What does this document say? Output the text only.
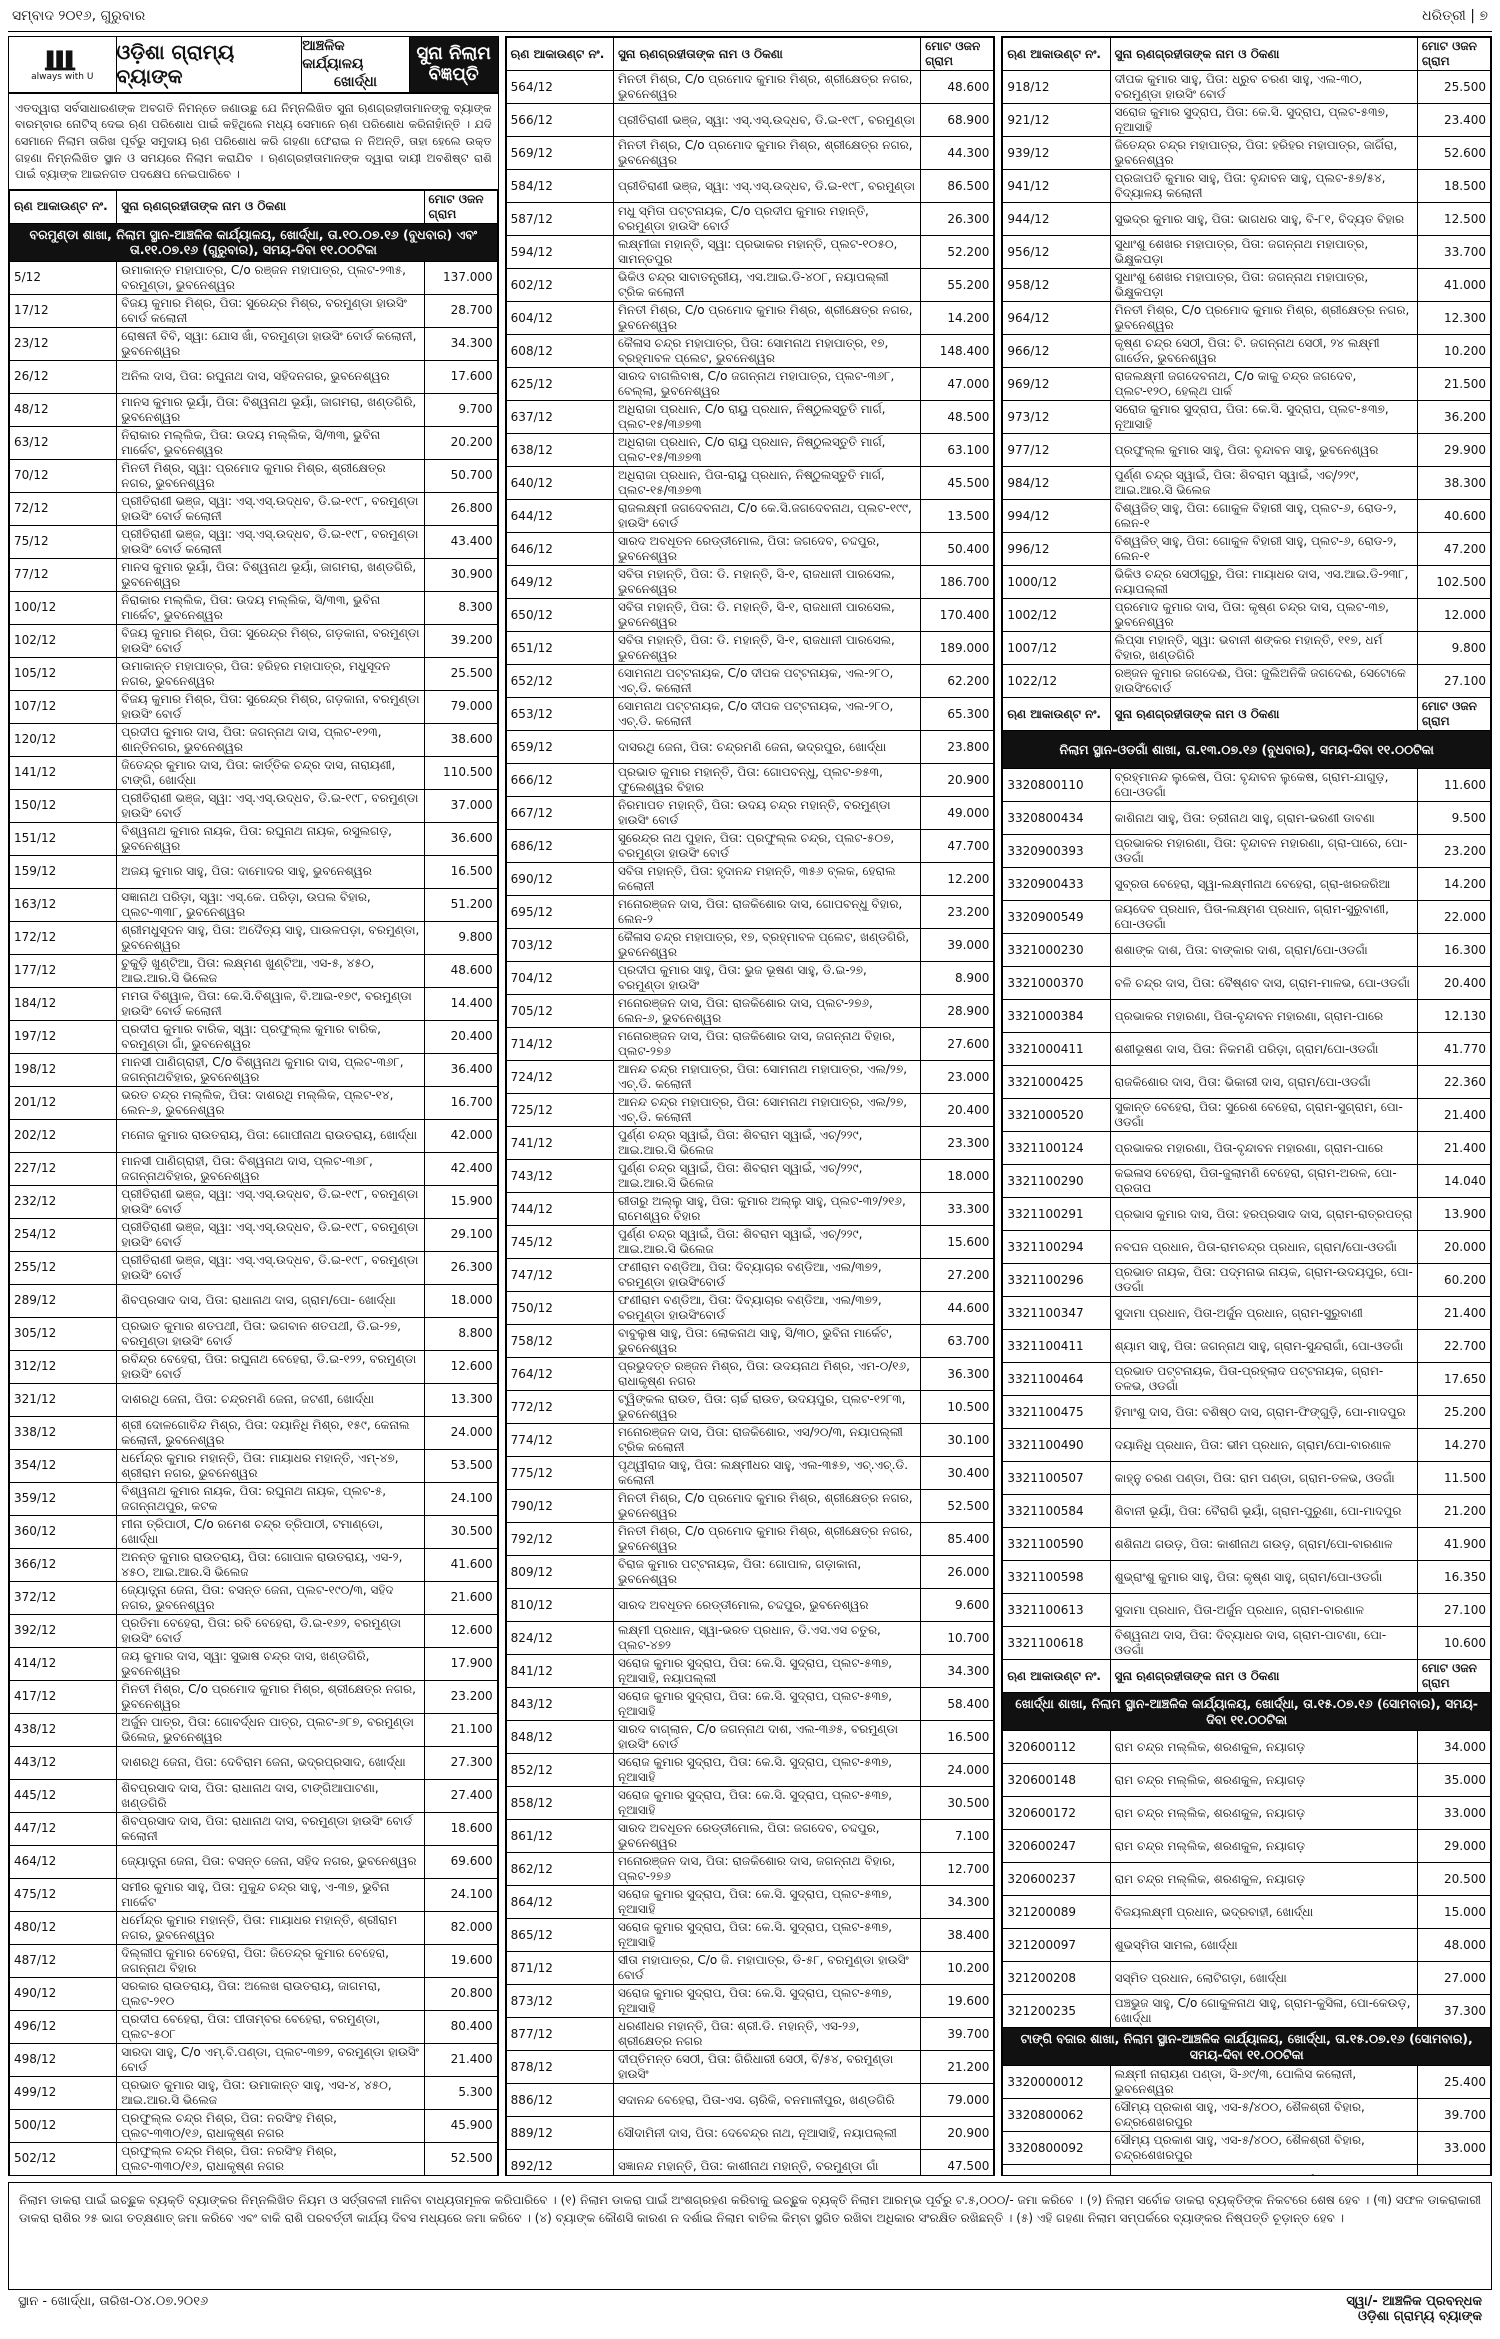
ସମ୍ବାଦ ୨୦୧୬, ଗୁରୁବାର	ଧରିତ୍ରୀ | ୭
always with U
ଓଡ଼ିଶା ଗ୍ରାମ୍ୟ ବ୍ୟାଙ୍କ
ଆଞ୍ଚଳିକ କାର୍ଯ୍ୟାଳୟ
ଖୋର୍ଦ୍ଧା
ସୁନା ନିଲାମ ବିଜ୍ଞପ୍ତି
ଏତଦ୍ୱାରା ସର୍ବସାଧାରଣଙ୍କ ଅବଗତି ନିମନ୍ତେ ଜଣାଉଛୁ ଯେ ନିମ୍ନଲିଖିତ ସୁନା ଋଣଗ୍ରହୀତାମାନଙ୍କୁ ବ୍ୟାଙ୍କ ବାରମ୍ବାର ନୋଟିସ୍ ଦେଇ ଋଣ ପରିଶୋଧ ପାଇଁ କହିଥିଲେ ମଧ୍ୟ ସେମାନେ ଋଣ ପରିଶୋଧ କରିନାହାଁନ୍ତି । ଯଦି ସେମାନେ ନିଲାମ ତାରିଖ ପୂର୍ବରୁ ସମୁଦାୟ ଋଣ ପରିଶୋଧ କରି ଗହଣା ଫେରାଇ ନ ନିଅନ୍ତି, ତାହା ହେଲେ ଉକ୍ତ ଗହଣା ନିମ୍ନଲିଖିତ ସ୍ଥାନ ଓ ସମୟରେ ନିଲାମ କରାଯିବ । ଋଣଗ୍ରହୀତାମାନଙ୍କ ଦ୍ୱାରା ଦାୟୀ ଅବଶିଷ୍ଟ ରାଶି ପାଇଁ ବ୍ୟାଙ୍କ ଆଇନଗତ ପଦକ୍ଷେପ ନେଇପାରିବେ ।
ଋଣ ଆକାଉଣ୍ଟ ନଂ.	ସୁନା ଋଣଗ୍ରହୀତାଙ୍କ ନାମ ଓ ଠିକଣା	ମୋଟ ଓଜନ ଗ୍ରାମ
ବରମୁଣ୍ଡା ଶାଖା, ନିଲାମ ସ୍ଥାନ-ଆଞ୍ଚଳିକ କାର୍ଯ୍ୟାଳୟ, ଖୋର୍ଦ୍ଧା, ତା.୧୦.୦୭.୧୬ (ବୁଧବାର) ଏବଂ ତା.୧୧.୦୭.୧୬ (ଗୁରୁବାର), ସମୟ-ଦିବା ୧୧.୦୦ଟିକା		
5/12	ଉମାକାନ୍ତ ମହାପାତ୍ର, C/o ରଞ୍ଜନ ମହାପାତ୍ର, ପ୍ଲଟ-୨୩୫, ବରମୁଣ୍ଡା, ଭୁବନେଶ୍ୱର	137.000
17/12	ବିଜୟ କୁମାର ମିଶ୍ର, ପିତା: ସୁରେନ୍ଦ୍ର ମିଶ୍ର, ବରମୁଣ୍ଡା ହାଉସିଂ ବୋର୍ଡ କଲୋନୀ	28.700
23/12	ରୋଷନୀ ବିବି, ସ୍ୱା: ଯୋସ ଖାଁ, ବରମୁଣ୍ଡା ହାଉସିଂ ବୋର୍ଡ କଲୋନୀ, ଭୁବନେଶ୍ୱର	34.300
26/12	ଅନିଲ ଦାସ, ପିତା: ରଘୁନାଥ ଦାସ, ସହିଦନଗର, ଭୁବନେଶ୍ୱର	17.600
48/12	ମାନସ କୁମାର ଭୂୟାଁ, ପିତା: ବିଶ୍ୱନାଥ ଭୂୟାଁ, ଜାଗମରା, ଖଣ୍ଡଗିରି, ଭୁବନେଶ୍ୱର	9.700
63/12	ନିରାକାର ମଲ୍ଲିକ, ପିତା: ଉଦୟ ମଲ୍ଲିକ, ସି/୩୩, ଭୁବିନା ମାର୍କେଟ, ଭୁବନେଶ୍ୱର	20.200
70/12	ମିନତୀ ମିଶ୍ର, ସ୍ୱା: ପ୍ରମୋଦ କୁମାର ମିଶ୍ର, ଶ୍ରୀକ୍ଷେତ୍ର ନଗର, ଭୁବନେଶ୍ୱର	50.700
72/12	ପ୍ରୀତିରାଣୀ ଭଞ୍ଜ, ସ୍ୱା: ଏସ୍.ଏସ୍.ଉଦ୍ଧବ, ଡି.ଇ-୧୯୮, ବରମୁଣ୍ଡା ହାଉସିଂ ବୋର୍ଡ କଲୋନୀ	26.800
75/12	ପ୍ରୀତିରାଣୀ ଭଞ୍ଜ, ସ୍ୱା: ଏସ୍.ଏସ୍.ଉଦ୍ଧବ, ଡି.ଇ-୧୯୮, ବରମୁଣ୍ଡା ହାଉସିଂ ବୋର୍ଡ କଲୋନୀ	43.400
77/12	ମାନସ କୁମାର ଭୂୟାଁ, ପିତା: ବିଶ୍ୱନାଥ ଭୂୟାଁ, ଜାଗମରା, ଖଣ୍ଡଗିରି, ଭୁବନେଶ୍ୱର	30.900
100/12	ନିରାକାର ମଲ୍ଲିକ, ପିତା: ଉଦୟ ମଲ୍ଲିକ, ସି/୩୩, ଭୁବିନା ମାର୍କେଟ, ଭୁବନେଶ୍ୱର	8.300
102/12	ବିଜୟ କୁମାର ମିଶ୍ର, ପିତା: ସୁରେନ୍ଦ୍ର ମିଶ୍ର, ଗଡ଼କାନା, ବରମୁଣ୍ଡା ହାଉସିଂ ବୋର୍ଡ	39.200
105/12	ଉମାକାନ୍ତ ମହାପାତ୍ର, ପିତା: ହରିହର ମହାପାତ୍ର, ମଧୁସୂଦନ ନଗର, ଭୁବନେଶ୍ୱର	25.500
107/12	ବିଜୟ କୁମାର ମିଶ୍ର, ପିତା: ସୁରେନ୍ଦ୍ର ମିଶ୍ର, ଗଡ଼କାନା, ବରମୁଣ୍ଡା ହାଉସିଂ ବୋର୍ଡ	79.000
120/12	ପ୍ରଦୀପ କୁମାର ଦାସ, ପିତା: ଜଗନ୍ନାଥ ଦାସ, ପ୍ଲଟ-୧୨୩, ଶାନ୍ତିନଗର, ଭୁବନେଶ୍ୱର	38.600
141/12	ଜିତେନ୍ଦ୍ର କୁମାର ଦାସ, ପିତା: କାର୍ତ୍ତିକ ଚନ୍ଦ୍ର ଦାସ, ନାରାୟଣୀ, ଟାଙ୍ଗି, ଖୋର୍ଦ୍ଧା	110.500
150/12	ପ୍ରୀତିରାଣୀ ଭଞ୍ଜ, ସ୍ୱା: ଏସ୍.ଏସ୍.ଉଦ୍ଧବ, ଡି.ଇ-୧୯୮, ବରମୁଣ୍ଡା ହାଉସିଂ ବୋର୍ଡ	37.000
151/12	ବିଶ୍ୱନାଥ କୁମାର ନାୟକ, ପିତା: ରଘୁନାଥ ନାୟକ, ରସୁଲଗଡ଼, ଭୁବନେଶ୍ୱର	36.600
159/12	ଅଜୟ କୁମାର ସାହୁ, ପିତା: ଦାମୋଦର ସାହୁ, ଭୁବନେଶ୍ୱର	16.500
163/12	ସଜ୍ଞାନାଥ ପରିଡ଼ା, ସ୍ୱା: ଏସ୍.କେ. ପରିଡ଼ା, ଉପଲ ବିହାର, ପ୍ଲଟ-୩୩୮, ଭୁବନେଶ୍ୱର	51.200
172/12	ଶ୍ରୀମଧୁସୂଦନ ସାହୁ, ପିତା: ଅଦୈତ୍ୟ ସାହୁ, ପାଉଳପଡ଼ା, ବରମୁଣ୍ଡା, ଭୁବନେଶ୍ୱର	9.800
177/12	ଚୁକୁଡ଼ି ଖୁଣ୍ଟିଆ, ପିତା: ଲକ୍ଷ୍ମଣ ଖୁଣ୍ଟିଆ, ଏସ-୫, ୪୫୦, ଆଇ.ଆର.ସି ଭିଲେଜ	48.600
184/12	ମମତା ବିଶ୍ୱାଳ, ପିତା: କେ.ସି.ବିଶ୍ୱାଳ, ବି.ଆଇ-୧୭୯, ବରମୁଣ୍ଡା ହାଉସିଂ ବୋର୍ଡ କଲୋନୀ	14.400
197/12	ପ୍ରଦୀପ କୁମାର ବାରିକ, ସ୍ୱା: ପ୍ରଫୁଲ୍ଲ କୁମାର ବାରିକ, ବରମୁଣ୍ଡା ଗାଁ, ଭୁବନେଶ୍ୱର	20.400
198/12	ମାନସୀ ପାଣିଗ୍ରାହୀ, C/o ବିଶ୍ୱନାଥ କୁମାର ଦାସ, ପ୍ଲଟ-୩୬୮, ଜଗନ୍ନାଥବିହାର, ଭୁବନେଶ୍ୱର	36.400
201/12	ଭରତ ଚନ୍ଦ୍ର ମଲ୍ଲିକ, ପିତା: ଦାଶରଥି ମଲ୍ଲିକ, ପ୍ଲଟ-୧୪, ଲେନ-୬, ଭୁବନେଶ୍ୱର	16.700
202/12	ମନୋଜ କୁମାର ରାଉତରାୟ, ପିତା: ଗୋପୀନାଥ ରାଉତରାୟ, ଖୋର୍ଦ୍ଧା	42.000
227/12	ମାନସୀ ପାଣିଗ୍ରାହୀ, ପିତା: ବିଶ୍ୱନାଥ ଦାସ, ପ୍ଲଟ-୩୬୮, ଜଗନ୍ନାଥବିହାର, ଭୁବନେଶ୍ୱର	42.400
232/12	ପ୍ରୀତିରାଣୀ ଭଞ୍ଜ, ସ୍ୱା: ଏସ୍.ଏସ୍.ଉଦ୍ଧବ, ଡି.ଇ-୧୯୮, ବରମୁଣ୍ଡା ହାଉସିଂ ବୋର୍ଡ	15.900
254/12	ପ୍ରୀତିରାଣୀ ଭଞ୍ଜ, ସ୍ୱା: ଏସ୍.ଏସ୍.ଉଦ୍ଧବ, ଡି.ଇ-୧୯୮, ବରମୁଣ୍ଡା ହାଉସିଂ ବୋର୍ଡ	29.100
255/12	ପ୍ରୀତିରାଣୀ ଭଞ୍ଜ, ସ୍ୱା: ଏସ୍.ଏସ୍.ଉଦ୍ଧବ, ଡି.ଇ-୧୯୮, ବରମୁଣ୍ଡା ହାଉସିଂ ବୋର୍ଡ	26.300
289/12	ଶିବପ୍ରସାଦ ଦାସ, ପିତା: ରାଧାନାଥ ଦାସ, ଗ୍ରାମ/ପୋ- ଖୋର୍ଦ୍ଧା	18.000
305/12	ପ୍ରଭାତ କୁମାର ଶତପଥୀ, ପିତା: ଭଗବାନ ଶତପଥୀ, ଡି.ଇ-୨୭, ବରମୁଣ୍ଡା ହାଉସିଂ ବୋର୍ଡ	8.800
312/12	ରବିନ୍ଦ୍ର ବେହେରା, ପିତା: ରଘୁନାଥ ବେହେରା, ଡି.ଇ-୧୨୨, ବରମୁଣ୍ଡା ହାଉସିଂ ବୋର୍ଡ	12.600
321/12	ଦାଶରଥି ଜେନା, ପିତା: ଚନ୍ଦ୍ରମଣି ଜେନା, ଜଟଣୀ, ଖୋର୍ଦ୍ଧା	13.300
338/12	ଶ୍ରୀ ଦୋଳଗୋବିନ୍ଦ ମିଶ୍ର, ପିତା: ଦୟାନିଧି ମିଶ୍ର, ୧୫୯, କେନାଲ କଲୋନୀ, ଭୁବନେଶ୍ୱର	24.000
354/12	ଧର୍ମେନ୍ଦ୍ର କୁମାର ମହାନ୍ତି, ପିତା: ମାୟାଧର ମହାନ୍ତି, ଏମ୍-୪୭, ଶ୍ରୀରାମ ନଗର, ଭୁବନେଶ୍ୱର	53.500
359/12	ବିଶ୍ୱନାଥ କୁମାର ନାୟକ, ପିତା: ରଘୁନାଥ ନାୟକ, ପ୍ଲଟ-୫, ଜଗନ୍ନାଥପୁର, କଟକ	24.100
360/12	ମୀନା ତ୍ରିପାଠୀ, C/o ରମେଶ ଚନ୍ଦ୍ର ତ୍ରିପାଠୀ, ଟମାଣ୍ଡୋ, ଖୋର୍ଦ୍ଧା	30.500
366/12	ଅନନ୍ତ କୁମାର ରାଉତରାୟ, ପିତା: ଗୋପାଳ ରାଉତରାୟ, ଏସ-୨, ୪୫୦, ଆଇ.ଆର.ସି ଭିଲେଜ	41.600
372/12	ଜ୍ୟୋତ୍ସ୍ନା ଜେନା, ପିତା: ବସନ୍ତ ଜେନା, ପ୍ଲଟ-୧୯୦/୩, ସହିଦ ନଗର, ଭୁବନେଶ୍ୱର	21.600
392/12	ପ୍ରତିମା ବେହେରା, ପିତା: ରବି ବେହେରା, ଡି.ଇ-୧୬୨, ବରମୁଣ୍ଡା ହାଉସିଂ ବୋର୍ଡ	12.600
414/12	ଜୟ କୁମାର ଦାସ, ସ୍ୱା: ସୁଭାଷ ଚନ୍ଦ୍ର ଦାସ, ଖଣ୍ଡଗିରି, ଭୁବନେଶ୍ୱର	17.900
417/12	ମିନତୀ ମିଶ୍ର, C/o ପ୍ରମୋଦ କୁମାର ମିଶ୍ର, ଶ୍ରୀକ୍ଷେତ୍ର ନଗର, ଭୁବନେଶ୍ୱର	23.200
438/12	ଅର୍ଜୁନ ପାତ୍ର, ପିତା: ଗୋବର୍ଦ୍ଧନ ପାତ୍ର, ପ୍ଲଟ-୬୮୭, ବରମୁଣ୍ଡା ଭିଲେଜ, ଭୁବନେଶ୍ୱର	21.100
443/12	ଦାଶରଥି ଜେନା, ପିତା: ଦେବିରାମ ଜେନା, ଭଦ୍ରପ୍ରସାଦ, ଖୋର୍ଦ୍ଧା	27.300
445/12	ଶିବପ୍ରସାଦ ଦାସ, ପିତା: ରାଧାନାଥ ଦାସ, ଟାଙ୍ଗିଆପାଟଣା, ଖଣ୍ଡଗିରି	27.400
447/12	ଶିବପ୍ରସାଦ ଦାସ, ପିତା: ରାଧାନାଥ ଦାସ, ବରମୁଣ୍ଡା ହାଉସିଂ ବୋର୍ଡ କଲୋନୀ	18.600
464/12	ଜ୍ୟୋତ୍ସ୍ନା ଜେନା, ପିତା: ବସନ୍ତ ଜେନା, ସହିଦ ନଗର, ଭୁବନେଶ୍ୱର	69.600
475/12	ସମୀର କୁମାର ସାହୁ, ପିତା: ମୁକୁନ୍ଦ ଚନ୍ଦ୍ର ସାହୁ, ଏ-୩୭, ଭୁବିନା ମାର୍କେଟ	24.100
480/12	ଧର୍ମେନ୍ଦ୍ର କୁମାର ମହାନ୍ତି, ପିତା: ମାୟାଧର ମହାନ୍ତି, ଶ୍ରୀରାମ ନଗର, ଭୁବନେଶ୍ୱର	82.000
487/12	ଦିଲ୍ଲୀପ କୁମାର ବେହେରା, ପିତା: ଜିତେନ୍ଦ୍ର କୁମାର ବେହେରା, ଜଗନ୍ନାଥ ବିହାର	19.600
490/12	ସରକାର ରାଉତରାୟ, ପିତା: ଅଲେଖ ରାଉତରାୟ, ଜାଗମରା, ପ୍ଲଟ-୨୧୦	20.800
496/12	ପ୍ରଦୀପ ବେହେରା, ପିତା: ପୀତାମ୍ବର ବେହେରା, ବରମୁଣ୍ଡା, ପ୍ଲଟ-୫୦୮	80.400
498/12	ସାରଦା ସାହୁ, C/o ଏମ୍.ବି.ପଣ୍ଡା, ପ୍ଲଟ-୩୭୨, ବରମୁଣ୍ଡା ହାଉସିଂ ବୋର୍ଡ	21.400
499/12	ପ୍ରଭାତ କୁମାର ସାହୁ, ପିତା: ଉମାକାନ୍ତ ସାହୁ, ଏସ-୪, ୪୫୦, ଆଇ.ଆର.ସି ଭିଲେଜ	5.300
500/12	ପ୍ରଫୁଲ୍ଲ ଚନ୍ଦ୍ର ମିଶ୍ର, ପିତା: ନରସିଂହ ମିଶ୍ର, ପ୍ଲଟ-୩୩୦/୧୬, ରାଧାକୃଷ୍ଣ ନଗର	45.900
502/12	ପ୍ରଫୁଲ୍ଲ ଚନ୍ଦ୍ର ମିଶ୍ର, ପିତା: ନରସିଂହ ମିଶ୍ର, ପ୍ଲଟ-୩୩୦/୧୬, ରାଧାକୃଷ୍ଣ ନଗର	52.500

ଋଣ ଆକାଉଣ୍ଟ ନଂ.	ସୁନା ଋଣଗ୍ରହୀତାଙ୍କ ନାମ ଓ ଠିକଣା	ମୋଟ ଓଜନ ଗ୍ରାମ
564/12	ମିନତୀ ମିଶ୍ର, C/o ପ୍ରମୋଦ କୁମାର ମିଶ୍ର, ଶ୍ରୀକ୍ଷେତ୍ର ନଗର, ଭୁବନେଶ୍ୱର	48.600
566/12	ପ୍ରୀତିରାଣୀ ଭଞ୍ଜ, ସ୍ୱା: ଏସ୍.ଏସ୍.ଉଦ୍ଧବ, ଡି.ଇ-୧୯୮, ବରମୁଣ୍ଡା	68.900
569/12	ମିନତୀ ମିଶ୍ର, C/o ପ୍ରମୋଦ କୁମାର ମିଶ୍ର, ଶ୍ରୀକ୍ଷେତ୍ର ନଗର, ଭୁବନେଶ୍ୱର	44.300
584/12	ପ୍ରୀତିରାଣୀ ଭଞ୍ଜ, ସ୍ୱା: ଏସ୍.ଏସ୍.ଉଦ୍ଧବ, ଡି.ଇ-୧୯୮, ବରମୁଣ୍ଡା	86.500
587/12	ମଧୁ ସ୍ମିତା ପଟ୍ଟନାୟକ, C/o ପ୍ରଦୀପ କୁମାର ମହାନ୍ତି, ବରମୁଣ୍ଡା ହାଉସିଂ ବୋର୍ଡ	26.300
594/12	ଲକ୍ଷ୍ମୀଜା ମହାନ୍ତି, ସ୍ୱା: ପ୍ରଭାକର ମହାନ୍ତି, ପ୍ଲଟ-୧୦୫୦, ସାମନ୍ତପୁର	52.200
602/12	ଭିକିଓ ଚନ୍ଦ୍ର ସାବାତନ୍ତ୍ରୀୟ, ଏସ.ଆଇ.ଡି-୪୦୮, ନୟାପଲ୍ଲୀ ଟ୍ରିକ କଲୋନୀ	55.200
604/12	ମିନତୀ ମିଶ୍ର, C/o ପ୍ରମୋଦ କୁମାର ମିଶ୍ର, ଶ୍ରୀକ୍ଷେତ୍ର ନଗର, ଭୁବନେଶ୍ୱର	14.200
608/12	କୈଳାସ ଚନ୍ଦ୍ର ମହାପାତ୍ର, ପିତା: ସୋମନାଥ ମହାପାତ୍ର, ୧୭, ବ୍ରହ୍ମାବଳ ପ୍ଲେଟ, ଭୁବନେଶ୍ୱର	148.400
625/12	ସାରଦ ବାଗଲିବାଷ, C/o ଜଗନ୍ନାଥ ମହାପାତ୍ର, ପ୍ଲଟ-୩୬୮, ବେଲ୍ଲା, ଭୁବନେଶ୍ୱର	47.000
637/12	ଅଧିରାଜା ପ୍ରଧାନ, C/o ରାୟୁ ପ୍ରଧାନ, ନିଷ୍ଠୁଲସ୍ତୁତି ମାର୍ଗ, ପ୍ଲଟ-୧୫/୩୬୭୩	48.500
638/12	ଅଧିରାଜା ପ୍ରଧାନ, C/o ରାୟୁ ପ୍ରଧାନ, ନିଷ୍ଠୁଲସ୍ତୁତି ମାର୍ଗ, ପ୍ଲଟ-୧୫/୩୬୭୩	63.100
640/12	ଅଧିରାଜା ପ୍ରଧାନ, ପିତା-ରାୟୁ ପ୍ରଧାନ, ନିଷ୍ଠୁଲସ୍ତୁତି ମାର୍ଗ, ପ୍ଲଟ-୧୫/୩୬୭୩	45.500
644/12	ରାଜଲକ୍ଷ୍ମୀ ଜଗଦେବନାଥ, C/o କେ.ସି.ଜଗଦେବନାଥ, ପ୍ଲଟ-୧୯୯, ହାଉସିଂ ବୋର୍ଡ	13.500
646/12	ସାରଦ ଅବଧୂତନ ରେଡ୍ଡୀମୋଲ, ପିତା: ଜଗଦେବ, ଚଦ୍ଦପୁର, ଭୁବନେଶ୍ୱର	50.400
649/12	ସବିତା ମହାନ୍ତି, ପିତା: ଡି. ମହାନ୍ତି, ସି-୧, ରାଜଧାନୀ ପାରସେଲ, ଭୁବନେଶ୍ୱର	186.700
650/12	ସବିତା ମହାନ୍ତି, ପିତା: ଡି. ମହାନ୍ତି, ସି-୧, ରାଜଧାନୀ ପାରସେଲ, ଭୁବନେଶ୍ୱର	170.400
651/12	ସବିତା ମହାନ୍ତି, ପିତା: ଡି. ମହାନ୍ତି, ସି-୧, ରାଜଧାନୀ ପାରସେଲ, ଭୁବନେଶ୍ୱର	189.000
652/12	ସୋମନାଥ ପଟ୍ଟନାୟକ, C/o ଦୀପକ ପଟ୍ଟନାୟକ, ଏଲ-୨୮୦, ଏଚ୍.ଡି. କଲୋନୀ	62.200
653/12	ସୋମନାଥ ପଟ୍ଟନାୟକ, C/o ଦୀପକ ପଟ୍ଟନାୟକ, ଏଲ-୨୮୦, ଏଚ୍.ଡି. କଲୋନୀ	65.300
659/12	ଦାସରଥି ଜେନା, ପିତା: ଚନ୍ଦ୍ରମଣି ଜେନା, ଭଦ୍ରପୁର, ଖୋର୍ଦ୍ଧା	23.800
666/12	ପ୍ରଭାତ କୁମାର ମହାନ୍ତି, ପିତା: ଗୋପବନ୍ଧୁ, ପ୍ଲଟ-୭୫୩, ଫୁଲେଶ୍ୱର ବିହାର	20.900
667/12	ନିରମାପତ ମହାନ୍ତି, ପିତା: ଉଦୟ ଚନ୍ଦ୍ର ମହାନ୍ତି, ବରମୁଣ୍ଡା ହାଉସିଂ ବୋର୍ଡ	49.000
686/12	ସୁରେନ୍ଦ୍ର ନାଥ ପୁହାନ, ପିତା: ପ୍ରଫୁଲ୍ଲ ଚନ୍ଦ୍ର, ପ୍ଲଟ-୫୦୭, ବରମୁଣ୍ଡା ହାଉସିଂ ବୋର୍ଡ	47.700
690/12	ସବିତା ମହାନ୍ତି, ପିତା: ହୃଦାନନ୍ଦ ମହାନ୍ତି, ୩୫୬ ବ୍ଲକ, ହେରାଲ କଲୋନୀ	12.200
695/12	ମନୋରଞ୍ଜନ ଦାସ, ପିତା: ରାଜକିଶୋର ଦାସ, ଗୋପବନ୍ଧୁ ବିହାର, ଲେନ-୨	23.200
703/12	କୈଳାସ ଚନ୍ଦ୍ର ମହାପାତ୍ର, ୧୭, ବ୍ରହ୍ମାବଳ ପ୍ଲେଟ, ଖଣ୍ଡଗିରି, ଭୁବନେଶ୍ୱର	39.000
704/12	ପ୍ରଦୀପ କୁମାର ସାହୁ, ପିତା: ଭୁଜ ଭୂଷଣ ସାହୁ, ଡି.ଇ-୨୭, ବରମୁଣ୍ଡା ହାଉସିଂ	8.900
705/12	ମନୋରଞ୍ଜନ ଦାସ, ପିତା: ରାଜକିଶୋର ଦାସ, ପ୍ଲଟ-୨୭୬, ଲେନ-୬, ଭୁବନେଶ୍ୱର	28.900
714/12	ମନୋରଞ୍ଜନ ଦାସ, ପିତା: ରାଜକିଶୋର ଦାସ, ଜଗନ୍ନାଥ ବିହାର, ପ୍ଲଟ-୨୭୬	27.600
724/12	ଆନନ୍ଦ ଚନ୍ଦ୍ର ମହାପାତ୍ର, ପିତା: ସୋମନାଥ ମହାପାତ୍ର, ଏଲ/୨୭, ଏଚ୍.ଡି. କଲୋନୀ	23.000
725/12	ଆନନ୍ଦ ଚନ୍ଦ୍ର ମହାପାତ୍ର, ପିତା: ସୋମନାଥ ମହାପାତ୍ର, ଏଲ/୨୭, ଏଚ୍.ଡି. କଲୋନୀ	20.400
741/12	ପୁର୍ଣ୍ଣ ଚନ୍ଦ୍ର ସ୍ୱାଇଁ, ପିତା: ଶିବରାମ ସ୍ୱାଇଁ, ଏଚ୍/୨୨୯, ଆଇ.ଆର.ସି ଭିଲେଜ	23.300
743/12	ପୁର୍ଣ୍ଣ ଚନ୍ଦ୍ର ସ୍ୱାଇଁ, ପିତା: ଶିବରାମ ସ୍ୱାଇଁ, ଏଚ୍/୨୨୯, ଆଇ.ଆର.ସି ଭିଲେଜ	18.000
744/12	ରୀତାରୁ ଅଲ୍ଲୁ ସାହୁ, ପିତା: କୁମାର ଅଲ୍ଲୁ ସାହୁ, ପ୍ଲଟ-୩୨/୨୧୬, ରାମେଶ୍ୱର ବିହାର	33.300
745/12	ପୁର୍ଣ୍ଣ ଚନ୍ଦ୍ର ସ୍ୱାଇଁ, ପିତା: ଶିବରାମ ସ୍ୱାଇଁ, ଏଚ୍/୨୨୯, ଆଇ.ଆର.ସି ଭିଲେଜ	15.600
747/12	ଫଣୀରାମ ବଣ୍ଡିଆ, ପିତା: ଦିବ୍ୟାଚାର ବଣ୍ଡିଆ, ଏଲ/୩୭୨, ବରମୁଣ୍ଡା ହାଉସିଂବୋର୍ଡ	27.200
750/12	ଫଣୀରାମ ବଣ୍ଡିଆ, ପିତା: ଦିବ୍ୟାଚାର ବଣ୍ଡିଆ, ଏଲ/୩୭୨, ବରମୁଣ୍ଡା ହାଉସିଂବୋର୍ଡ	44.600
758/12	ବାବୁଲୁଷ ସାହୁ, ପିତା: ଲୋକନାଥ ସାହୁ, ସି/୩୦, ଭୁବିନା ମାର୍କେଟ, ଭୁବନେଶ୍ୱର	63.700
764/12	ପ୍ରଭୁଦତ୍ତ ରଞ୍ଜନ ମିଶ୍ର, ପିତା: ଉଦୟନାଥ ମିଶ୍ର, ଏମ-୦/୧୬, ରାଧାକୃଷ୍ଣ ନଗର	36.300
772/12	ଟ୍ୱିଙ୍କଲ ରାଉତ, ପିତା: ଚାର୍ଚ୍ଚ ରାଉତ, ଉଦୟପୁର, ପ୍ଲଟ-୧୨୮୩, ଭୁବନେଶ୍ୱର	10.500
774/12	ମନୋରଞ୍ଜନ ଦାସ, ପିତା: ରାଜକିଶୋର, ଏସ/୨୦/୩, ନୟାପଲ୍ଲୀ ଟ୍ରିକ କଲୋନୀ	30.100
775/12	ପୃଥ୍ୱୀରାଜ ସାହୁ, ପିତା: ଲକ୍ଷ୍ମୀଧର ସାହୁ, ଏଲ-୩୫୭, ଏଚ୍.ଏଚ୍.ଡି. କଲୋନୀ	30.400
790/12	ମିନତୀ ମିଶ୍ର, C/o ପ୍ରମୋଦ କୁମାର ମିଶ୍ର, ଶ୍ରୀକ୍ଷେତ୍ର ନଗର, ଭୁବନେଶ୍ୱର	52.500
792/12	ମିନତୀ ମିଶ୍ର, C/o ପ୍ରମୋଦ କୁମାର ମିଶ୍ର, ଶ୍ରୀକ୍ଷେତ୍ର ନଗର, ଭୁବନେଶ୍ୱର	85.400
809/12	ବିରାଜ କୁମାର ପଟ୍ଟନାୟକ, ପିତା: ଗୋପାଳ, ଗଡ଼ାକାନା, ଭୁବନେଶ୍ୱର	26.000
810/12	ସାରଦ ଅବଧୂତନ ରେଡ୍ଡୀମୋଲ, ଚଦ୍ଦପୁର, ଭୁବନେଶ୍ୱର	9.600
824/12	ଲକ୍ଷ୍ମୀ ପ୍ରଧାନ, ସ୍ୱା-ଭରତ ପ୍ରଧାନ, ଡି.ଏସ.ଏସ ଚତୁର, ପ୍ଲଟ-୪୭୨	10.700
841/12	ସରୋଜ କୁମାର ସୁଦ୍ରାପ, ପିତା: କେ.ସି. ସୁଦ୍ରାପ, ପ୍ଲଟ-୫୩୭, ନୂଆସାହି, ନୟାପଲ୍ଲୀ	34.300
843/12	ସରୋଜ କୁମାର ସୁଦ୍ରାପ, ପିତା: କେ.ସି. ସୁଦ୍ରାପ, ପ୍ଲଟ-୫୩୭, ନୂଆସାହି	58.400
848/12	ସାରଦ ବାଗ୍ଲାନ, C/o ଜଗନ୍ନାଥ ଦାଶ, ଏଲ-୩୬୫, ବରମୁଣ୍ଡା ହାଉସିଂ ବୋର୍ଡ	16.500
852/12	ସରୋଜ କୁମାର ସୁଦ୍ରାପ, ପିତା: କେ.ସି. ସୁଦ୍ରାପ, ପ୍ଲଟ-୫୩୭, ନୂଆସାହି	24.000
858/12	ସରୋଜ କୁମାର ସୁଦ୍ରାପ, ପିତା: କେ.ସି. ସୁଦ୍ରାପ, ପ୍ଲଟ-୫୩୭, ନୂଆସାହି	30.500
861/12	ସାରଦ ଅବଧୂତନ ରେଡ୍ଡୀମୋଲ, ପିତା: ଜଗଦେବ, ଚଦ୍ଦପୁର, ଭୁବନେଶ୍ୱର	7.100
862/12	ମନୋରଞ୍ଜନ ଦାସ, ପିତା: ରାଜକିଶୋର ଦାସ, ଜଗନ୍ନାଥ ବିହାର, ପ୍ଲଟ-୨୭୬	12.700
864/12	ସରୋଜ କୁମାର ସୁଦ୍ରାପ, ପିତା: କେ.ସି. ସୁଦ୍ରାପ, ପ୍ଲଟ-୫୩୭, ନୂଆସାହି	34.300
865/12	ସରୋଜ କୁମାର ସୁଦ୍ରାପ, ପିତା: କେ.ସି. ସୁଦ୍ରାପ, ପ୍ଲଟ-୫୩୭, ନୂଆସାହି	38.400
871/12	ସୀତା ମହାପାତ୍ର, C/o ଜି. ମହାପାତ୍ର, ଡି-୫୮, ବରମୁଣ୍ଡା ହାଉସିଂ ବୋର୍ଡ	10.200
873/12	ସରୋଜ କୁମାର ସୁଦ୍ରାପ, ପିତା: କେ.ସି. ସୁଦ୍ରାପ, ପ୍ଲଟ-୫୩୭, ନୂଆସାହି	19.600
877/12	ଧରଣୀଧର ମହାନ୍ତି, ପିତା: ଶ୍ରୀ.ଡି. ମହାନ୍ତି, ଏସ-୨୬, ଶ୍ରୀକ୍ଷେତ୍ର ନଗର	39.700
878/12	ଦୀପ୍ତିମନ୍ତ ସେଠୀ, ପିତା: ଗିରିଧାରୀ ସେଠୀ, ବି/୫୪, ବରମୁଣ୍ଡା ହାଉସିଂ	21.200
886/12	ସଦାନନ୍ଦ ବେହେରା, ପିତା-ଏସ. ଚାରିକି, ବନମାଳୀପୁର, ଖଣ୍ଡଗିରି	79.000
889/12	ସୌଦାମିନୀ ଦାସ, ପିତା: ଦେବେନ୍ଦ୍ର ନାଥ, ନୂଆସାହି, ନୟାପଲ୍ଲୀ	20.900
892/12	ସଜ୍ଞାନନ୍ଦ ମହାନ୍ତି, ପିତା: କାଶୀନାଥ ମହାନ୍ତି, ବରମୁଣ୍ଡା ଗାଁ	47.500

ଋଣ ଆକାଉଣ୍ଟ ନଂ.	ସୁନା ଋଣଗ୍ରହୀତାଙ୍କ ନାମ ଓ ଠିକଣା	ମୋଟ ଓଜନ ଗ୍ରାମ
918/12	ଦୀପକ କୁମାର ସାହୁ, ପିତା: ଧ୍ରୁବ ଚରଣ ସାହୁ, ଏଲ-୩୦, ବରମୁଣ୍ଡା ହାଉସିଂ ବୋର୍ଡ	25.500
921/12	ସରୋଜ କୁମାର ସୁଦ୍ରାପ, ପିତା: କେ.ସି. ସୁଦ୍ରାପ, ପ୍ଲଟ-୫୩୭, ନୂଆସାହି	23.400
939/12	ଜିତେନ୍ଦ୍ର ଚନ୍ଦ୍ର ମହାପାତ୍ର, ପିତା: ହରିହର ମହାପାତ୍ର, ଜାଗିଁରା, ଭୁବନେଶ୍ୱର	52.600
941/12	ପ୍ରଜାପତି କୁମାର ସାହୁ, ପିତା: ବୃନ୍ଦାବନ ସାହୁ, ପ୍ଲଟ-୫୭/୫୪, ବିଦ୍ୟାଳୟ କଲୋନୀ	18.500
944/12	ସୁଭଦ୍ର କୁମାର ସାହୁ, ପିତା: ଭାଗଧର ସାହୁ, ବି-୮୧, ବିଦ୍ୟତ ବିହାର	12.500
956/12	ସୁଧାଂଶୁ ଶେଖର ମହାପାତ୍ର, ପିତା: ଜଗନ୍ନାଥ ମହାପାତ୍ର, ଭିକ୍ଷୁକପଡ଼ା	33.700
958/12	ସୁଧାଂଶୁ ଶେଖର ମହାପାତ୍ର, ପିତା: ଜଗନ୍ନାଥ ମହାପାତ୍ର, ଭିକ୍ଷୁକପଡ଼ା	41.000
964/12	ମିନତୀ ମିଶ୍ର, C/o ପ୍ରମୋଦ କୁମାର ମିଶ୍ର, ଶ୍ରୀକ୍ଷେତ୍ର ନଗର, ଭୁବନେଶ୍ୱର	12.300
966/12	କୃଷ୍ଣ ଚନ୍ଦ୍ର ସେଠୀ, ପିତା: ଟି. ଜଗନ୍ନାଥ ସେଠୀ, ୨୪ ଲକ୍ଷ୍ମୀ ଗାର୍ଡେନ, ଭୁବନେଶ୍ୱର	10.200
969/12	ରାଜଲକ୍ଷ୍ମୀ ଜଗଦେବନାଥ, C/o କାକୁ ଚନ୍ଦ୍ର ଜଗଦେବ, ପ୍ଲଟ-୧୨୦, ହେଲ୍ଥ ପାର୍କ	21.500
973/12	ସରୋଜ କୁମାର ସୁଦ୍ରାପ, ପିତା: କେ.ସି. ସୁଦ୍ରାପ, ପ୍ଲଟ-୫୩୭, ନୂଆସାହି	36.200
977/12	ପ୍ରଫୁଲ୍ଲ କୁମାର ସାହୁ, ପିତା: ବୃନ୍ଦାବନ ସାହୁ, ଭୁବନେଶ୍ୱର	29.900
984/12	ପୁର୍ଣ୍ଣ ଚନ୍ଦ୍ର ସ୍ୱାଇଁ, ପିତା: ଶିବରାମ ସ୍ୱାଇଁ, ଏଚ୍/୨୨୯, ଆଇ.ଆର.ସି ଭିଲେଜ	38.300
994/12	ବିଶ୍ୱଜିତ୍ ସାହୁ, ପିତା: ଗୋକୁଳ ବିହାରୀ ସାହୁ, ପ୍ଲଟ-୬, ରୋଡ-୨, ଲେନ-୧	40.600
996/12	ବିଶ୍ୱଜିତ୍ ସାହୁ, ପିତା: ଗୋକୁଳ ବିହାରୀ ସାହୁ, ପ୍ଲଟ-୬, ରୋଡ-୨, ଲେନ-୧	47.200
1000/12	ଭିକିଓ ଚନ୍ଦ୍ର ସେଠୀଗୁରୁ, ପିତା: ମାୟାଧର ଦାସ, ଏସ.ଆଇ.ଡି-୨୩୮, ନୟାପଲ୍ଲୀ	102.500
1002/12	ପ୍ରମୋଦ କୁମାର ଦାସ, ପିତା: କୃଷ୍ଣ ଚନ୍ଦ୍ର ଦାସ, ପ୍ଲଟ-୩୭, ଭୁବନେଶ୍ୱର	12.000
1007/12	ଲିପ୍ସା ମହାନ୍ତି, ସ୍ୱା: ଭବାନୀ ଶଙ୍କର ମହାନ୍ତି, ୧୧୭, ଧର୍ମ ବିହାର, ଖଣ୍ଡଗିରି	9.800
1022/12	ରଞ୍ଜନ କୁମାର ଜଗଦେଈ, ପିତା: ଜୁଲିଅନିକି ଜଗଦେଈ, ସେଟୋକେ ହାଉସିଂବୋର୍ଡ	27.100
ଋଣ ଆକାଉଣ୍ଟ ନଂ.	ସୁନା ଋଣଗ୍ରହୀତାଙ୍କ ନାମ ଓ ଠିକଣା	ମୋଟ ଓଜନ ଗ୍ରାମ
ନିଲାମ ସ୍ଥାନ-ଓଡଗାଁ ଶାଖା, ତା.୧୩.୦୭.୧୬ (ବୁଧବାର), ସମୟ-ଦିବା ୧୧.୦୦ଟିକା		
3320800110	ବ୍ରହ୍ମାନନ୍ଦ ଲୁକେଷ, ପିତା: ବୃନ୍ଦାବନ ଲୁକେଷ, ଗ୍ରାମ-ଯାଗୁଡ଼, ପୋ-ଓଡଗାଁ	11.600
3320800434	କାଶିନାଥ ସାହୁ, ପିତା: ତ୍ରୀନାଥ ସାହୁ, ଗ୍ରାମ-ଭରଣୀ ଡାବଣା	9.500
3320900393	ପ୍ରଭାକର ମହାରଣା, ପିତା: ବୃନ୍ଦାବନ ମହାରଣା, ଗ୍ରା-ପାରେ, ପୋ-ଓଡଗାଁ	23.200
3320900433	ସୁବ୍ରତା ବେହେରା, ସ୍ୱା-ଲକ୍ଷ୍ମୀନାଥ ବେହେରା, ଗ୍ରା-ଖରଜରିଆ	14.200
3320900549	ଜୟଦେବ ପ୍ରଧାନ, ପିତା-ଲକ୍ଷ୍ମଣ ପ୍ରଧାନ, ଗ୍ରାମ-ସୁରୁବାଣୀ, ପୋ-ଓଡଗାଁ	22.000
3321000230	ଶଶାଙ୍କ ଦାଶ, ପିତା: ବାଙ୍କାର ଦାଶ, ଗ୍ରାମ/ପୋ-ଓଡଗାଁ	16.300
3321000370	ବଳି ଚନ୍ଦ୍ର ଦାସ, ପିତା: ବୈଷ୍ଣବ ଦାସ, ଗ୍ରାମ-ମାଳଭ, ପୋ-ଓଡଗାଁ	20.400
3321000384	ପ୍ରଭାକର ମହାରଣା, ପିତା-ବୃନ୍ଦାବନ ମହାରଣା, ଗ୍ରାମ-ପାରେ	12.130
3321000411	ଶଶୀଭୂଷଣ ଦାସ, ପିତା: ନିକମଣି ପରିଡ଼ା, ଗ୍ରାମ/ପୋ-ଓଡଗାଁ	41.770
3321000425	ରାଜକିଶୋର ଦାସ, ପିତା: ଭିକାରୀ ଦାସ, ଗ୍ରାମ/ପୋ-ଓଡଗାଁ	22.360
3321000520	ସୁକାନ୍ତ ବେହେରା, ପିତା: ସୁରେଶ ବେହେରା, ଗ୍ରାମ-ସୁଗ୍ରାମ, ପୋ-ଓଡଗାଁ	21.400
3321100124	ପ୍ରଭାକର ମହାରଣା, ପିତା-ବୃନ୍ଦାବନ ମହାରଣା, ଗ୍ରାମ-ପାରେ	21.400
3321100290	କଇଳାସ ବେହେରା, ପିତା-ଜୁଲାମଣି ବେହେରା, ଗ୍ରାମ-ଅରଳ, ପୋ-ପ୍ରତାପ	14.040
3321100291	ପ୍ରଭାସ କୁମାର ଦାସ, ପିତା: ହରପ୍ରସାଦ ଦାସ, ଗ୍ରାମ-ରାତ୍ରପତ୍ରା	13.900
3321100294	ନବଘନ ପ୍ରଧାନ, ପିତା-ରାମଚନ୍ଦ୍ର ପ୍ରଧାନ, ଗ୍ରାମ/ପୋ-ଓଡଗାଁ	20.000
3321100296	ପ୍ରଭାତ ନାୟକ, ପିତା: ପଦ୍ମନାଭ ନାୟକ, ଗ୍ରାମ-ଉଦୟପୁର, ପୋ-ଓଡଗାଁ	60.200
3321100347	ସୁଦାମା ପ୍ରଧାନ, ପିତା-ଅର୍ଜୁନ ପ୍ରଧାନ, ଗ୍ରାମ-ସୁରୁବାଣୀ	21.400
3321100411	ଶ୍ୟାମ ସାହୁ, ପିତା: ଜଗନ୍ନାଥ ସାହୁ, ଗ୍ରାମ-ସୁନ୍ଦରାଗାଁ, ପୋ-ଓଡଗାଁ	22.700
3321100464	ପ୍ରଭାତ ପଟ୍ଟନାୟକ, ପିତା-ପ୍ରହ୍ଲାଦ ପଟ୍ଟନାୟକ, ଗ୍ରାମ-ତଳଭ, ଓଡଗାଁ	17.650
3321100475	ହିମାଂଶୁ ଦାସ, ପିତା: ବଶିଷ୍ଠ ଦାସ, ଗ୍ରାମ-ଫିଙ୍ଗୁଡ଼ି, ପୋ-ମାଦପୁର	25.200
3321100490	ଦୟାନିଧି ପ୍ରଧାନ, ପିତା: ଭୀମ ପ୍ରଧାନ, ଗ୍ରାମ/ପୋ-ବାରଣାଳ	14.270
3321100507	କାହ୍ନୁ ଚରଣ ପଣ୍ଡା, ପିତା: ରାମ ପଣ୍ଡା, ଗ୍ରାମ-ତଳଭ, ଓଡଗାଁ	11.500
3321100584	ଶିବାନୀ ଭୂୟାଁ, ପିତା: ବୈରାଗି ଭୂୟାଁ, ଗ୍ରାମ-ପୁରୁଣା, ପୋ-ମାଦପୁର	21.200
3321100590	ଶଶିନାଥ ଗଉଡ଼, ପିତା: କାଶୀନାଥ ଗଉଡ଼, ଗ୍ରାମ/ପୋ-ବାରଣାଳ	41.900
3321100598	ଶୁଭ୍ରାଂଶୁ କୁମାର ସାହୁ, ପିତା: କୃଷ୍ଣ ସାହୁ, ଗ୍ରାମ/ପୋ-ଓଡଗାଁ	16.350
3321100613	ସୁଦାମା ପ୍ରଧାନ, ପିତା-ଅର୍ଜୁନ ପ୍ରଧାନ, ଗ୍ରାମ-ବାରଣାଳ	27.100
3321100618	ବିଶ୍ୱନାଥ ଦାସ, ପିତା: ଦିବ୍ୟାଧର ଦାସ, ଗ୍ରାମ-ପାଟଣା, ପୋ-ଓଡଗାଁ	10.600
ଋଣ ଆକାଉଣ୍ଟ ନଂ.	ସୁନା ଋଣଗ୍ରହୀତାଙ୍କ ନାମ ଓ ଠିକଣା	ମୋଟ ଓଜନ ଗ୍ରାମ
ଖୋର୍ଦ୍ଧା ଶାଖା, ନିଲାମ ସ୍ଥାନ-ଆଞ୍ଚଳିକ କାର୍ଯ୍ୟାଳୟ, ଖୋର୍ଦ୍ଧା, ତା.୧୫.୦୭.୧୬ (ସୋମବାର), ସମୟ-ଦିବା ୧୧.୦୦ଟିକା		
320600112	ରାମ ଚନ୍ଦ୍ର ମଲ୍ଲିକ, ଶରଣକୁଳ, ନୟାଗଡ଼	34.000
320600148	ରାମ ଚନ୍ଦ୍ର ମଲ୍ଲିକ, ଶରଣକୁଳ, ନୟାଗଡ଼	35.000
320600172	ରାମ ଚନ୍ଦ୍ର ମଲ୍ଲିକ, ଶରଣକୁଳ, ନୟାଗଡ଼	33.000
320600247	ରାମ ଚନ୍ଦ୍ର ମଲ୍ଲିକ, ଶରଣକୁଳ, ନୟାଗଡ଼	29.000
320600237	ରାମ ଚନ୍ଦ୍ର ମଲ୍ଲିକ, ଶରଣକୁଳ, ନୟାଗଡ଼	20.500
321200089	ବିଜୟଲକ୍ଷ୍ମୀ ପ୍ରଧାନ, ଭଦ୍ରବାହୀ, ଖୋର୍ଦ୍ଧା	15.000
321200097	ଶୁଭସ୍ମିତା ସାମଲ, ଖୋର୍ଦ୍ଧା	48.000
321200208	ସସ୍ମିତ ପ୍ରଧାନ, ଲୋଟିଗଡ଼ା, ଖୋର୍ଦ୍ଧା	27.000
321200235	ପଞ୍ଚଭୁଜ ସାହୁ, C/o ଗୋକୁଳନାଥ ସାହୁ, ଗ୍ରାମ-କୁସିଳା, ପୋ-କେଉଡ଼, ଖୋର୍ଦ୍ଧା	37.300
ଟାଙ୍ଗି ବଜାର ଶାଖା, ନିଲାମ ସ୍ଥାନ-ଆଞ୍ଚଳିକ କାର୍ଯ୍ୟାଳୟ, ଖୋର୍ଦ୍ଧା, ତା.୧୫.୦୭.୧୬ (ସୋମବାର), ସମୟ-ଦିବା ୧୧.୦୦ଟିକା		
3320000012	ଲକ୍ଷ୍ମୀ ନାରାୟଣ ପଣ୍ଡା, ସି-୬୯/୩, ପୋଲିସ କଲୋନୀ, ଭୁବନେଶ୍ୱର	25.400
3320800062	ସୌମ୍ୟ ପ୍ରକାଶ ସାହୁ, ଏସ-୫/୪୦୦, ଶୈଳଶ୍ରୀ ବିହାର, ଚନ୍ଦ୍ରଶେଖରପୁର	39.700
3320800092	ସୌମ୍ୟ ପ୍ରକାଶ ସାହୁ, ଏସ-୫/୪୦୦, ଶୈଳଶ୍ରୀ ବିହାର, ଚନ୍ଦ୍ରଶେଖରପୁର	33.000

ନିଲାମ ଡାକରା ପାଇଁ ଇଚ୍ଛୁକ ବ୍ୟକ୍ତି ବ୍ୟାଙ୍କର ନିମ୍ନଲିଖିତ ନିୟମ ଓ ସର୍ତ୍ତାବଳୀ ମାନିବା ବାଧ୍ୟତାମୂଳକ କରିପାରିବେ । (୧) ନିଲାମ ଡାକରା ପାଇଁ ଅଂଶଗ୍ରହଣ କରିବାକୁ ଇଚ୍ଛୁକ ବ୍ୟକ୍ତି ନିଲାମ ଆରମ୍ଭ ପୂର୍ବରୁ ଟ.୫,୦୦୦/- ଜମା କରିବେ । (୨) ନିଲାମ ସର୍ବୋଚ୍ଚ ଡାକରା ବ୍ୟକ୍ତିଙ୍କ ନିକଟରେ ଶେଷ ହେବ । (୩) ସଫଳ ଡାକରାକାରୀ ଡାକରା ରାଶିର ୨୫ ଭାଗ ତତ୍‌କ୍ଷଣାତ୍ ଜମା କରିବେ ଏବଂ ବାକି ରାଶି ପରବର୍ତ୍ତୀ କାର୍ଯ୍ୟ ଦିବସ ମଧ୍ୟରେ ଜମା କରିବେ । (୪) ବ୍ୟାଙ୍କ କୌଣସି କାରଣ ନ ଦର୍ଶାଇ ନିଲାମ ବାତିଲ କିମ୍ବା ସ୍ଥଗିତ ରଖିବା ଅଧିକାର ସଂରକ୍ଷିତ ରଖିଛନ୍ତି । (୫) ଏହି ଗହଣା ନିଲାମ ସମ୍ପର୍କରେ ବ୍ୟାଙ୍କର ନିଷ୍ପତ୍ତି ଚୂଡ଼ାନ୍ତ ହେବ ।
ସ୍ଥାନ - ଖୋର୍ଦ୍ଧା, ତାରିଖ-୦୪.୦୭.୨୦୧୬	ସ୍ୱା/- ଆଞ୍ଚଳିକ ପ୍ରବନ୍ଧକ
ଓଡ଼ିଶା ଗ୍ରାମ୍ୟ ବ୍ୟାଙ୍କ
